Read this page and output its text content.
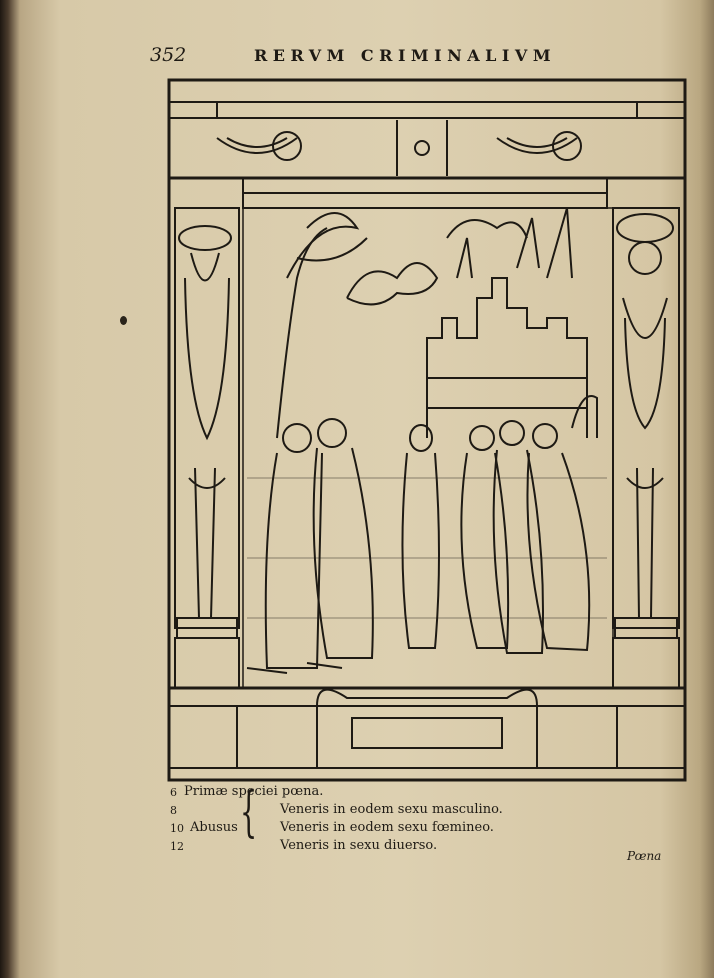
352	RERVM CRIMINALIVM
6 Primæ speciei pœna.
8
10
12
Abusus { Veneris in eodem sexu masculino.
Veneris in eodem sexu fœmineo.
Veneris in sexu diuerso.
Pœna
